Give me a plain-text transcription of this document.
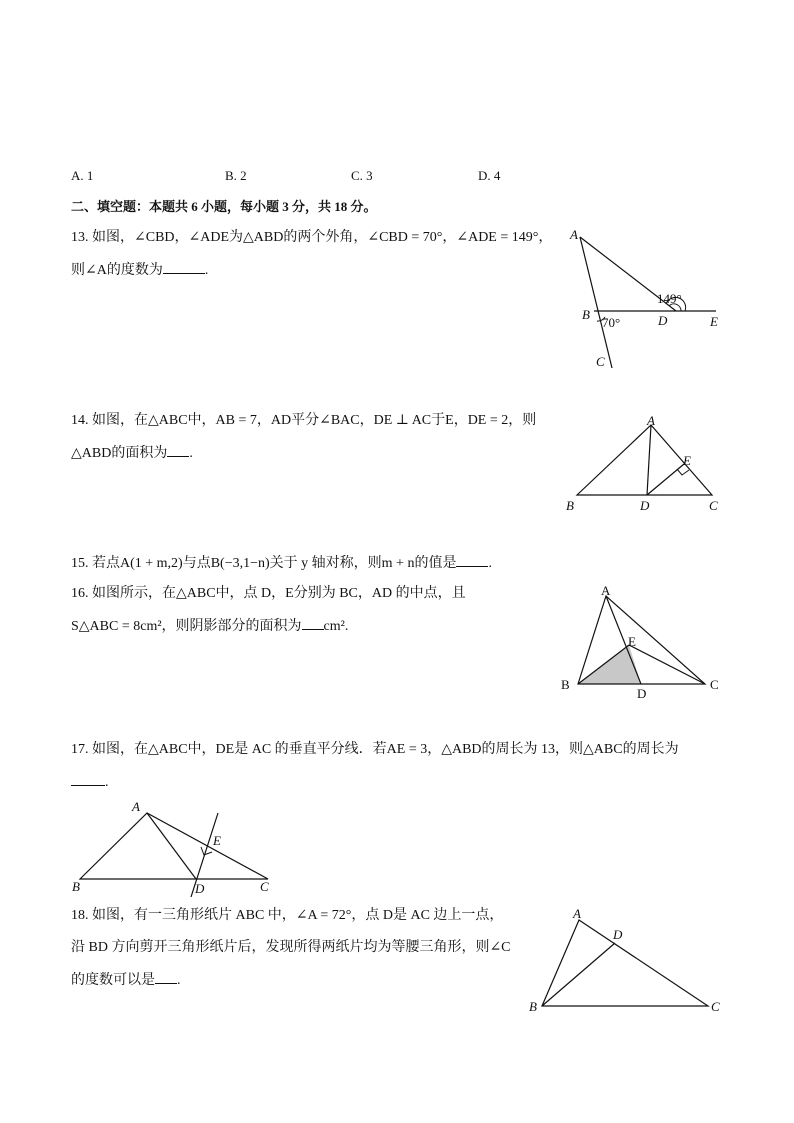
A. 1	B. 2	C. 3	D. 4
二、填空题：本题共 6 小题，每小题 3 分，共 18 分。
13. 如图，∠CBD，∠ADE为△ABD的两个外角，∠CBD = 70°，∠ADE = 149°，
则∠A的度数为	.
A
B
C
D	E
149°
70°
14. 如图，在△ABC中，AB = 7，AD平分∠BAC，DE ⊥ AC于E，DE = 2，则
△ABD的面积为 .
A
B	C
D
E
15. 若点A(1 + m,2)与点B(−3,1−n)关于 y 轴对称，则m + n的值是 .
16. 如图所示，在△ABC中，点 D，E分别为 BC，AD 的中点，且
S△ABC = 8cm²，则阴影部分的面积为 cm².
A
B	C
D
E
17. 如图，在△ABC中，DE是 AC 的垂直平分线．若AE = 3，△ABD的周长为 13，则△ABC的周长为
.
A
B	C
D
E
18. 如图，有一三角形纸片 ABC 中，∠A = 72°，点 D是 AC 边上一点，
沿 BD 方向剪开三角形纸片后，发现所得两纸片均为等腰三角形，则∠C
的度数可以是 .
A
B	C
D
